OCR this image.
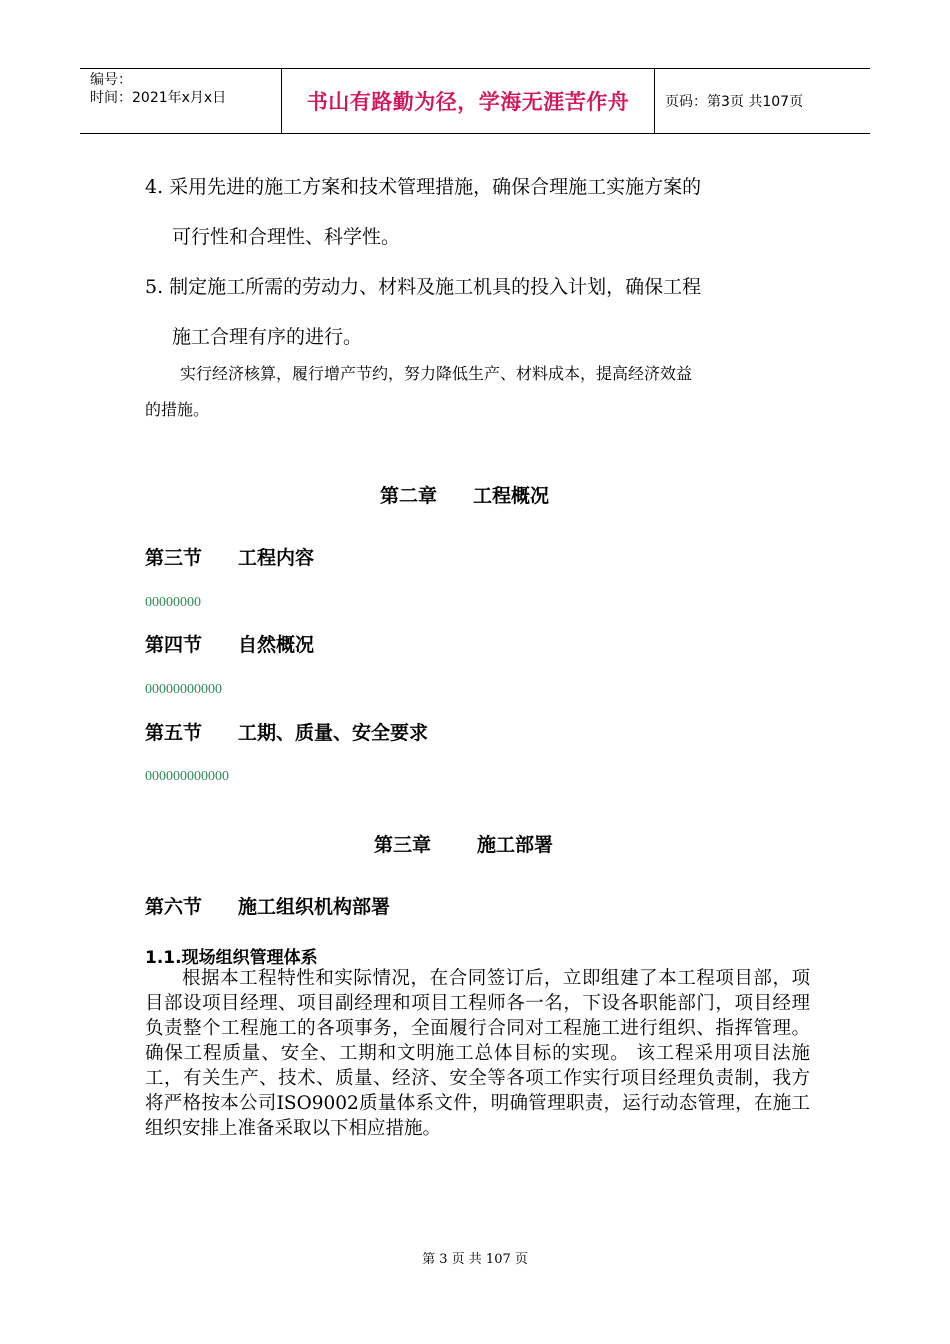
编号：
时间：2021年x月x日	书山有路勤为径，学海无涯苦作舟	页码：第3页 共107页
4. 采用先进的施工方案和技术管理措施，确保合理施工实施方案的
可行性和合理性、科学性。
5. 制定施工所需的劳动力、材料及施工机具的投入计划，确保工程
施工合理有序的进行。
实行经济核算，履行增产节约，努力降低生产、材料成本，提高经济效益
的措施。
第二章 工程概况
第三节 工程内容
00000000
第四节 自然概况
00000000000
第五节 工期、质量、安全要求
000000000000
第三章 施工部署
第六节 施工组织机构部署
1.1.现场组织管理体系
根据本工程特性和实际情况，在合同签订后，立即组建了本工程项目部，项目部设项目经理、项目副经理和项目工程师各一名，下设各职能部门，项目经理负责整个工程施工的各项事务，全面履行合同对工程施工进行组织、指挥管理。确保工程质量、安全、工期和文明施工总体目标的实现。 该工程采用项目法施工，有关生产、技术、质量、经济、安全等各项工作实行项目经理负责制，我方将严格按本公司ISO9002质量体系文件，明确管理职责，运行动态管理，在施工组织安排上准备采取以下相应措施。
第 3 页 共 107 页
